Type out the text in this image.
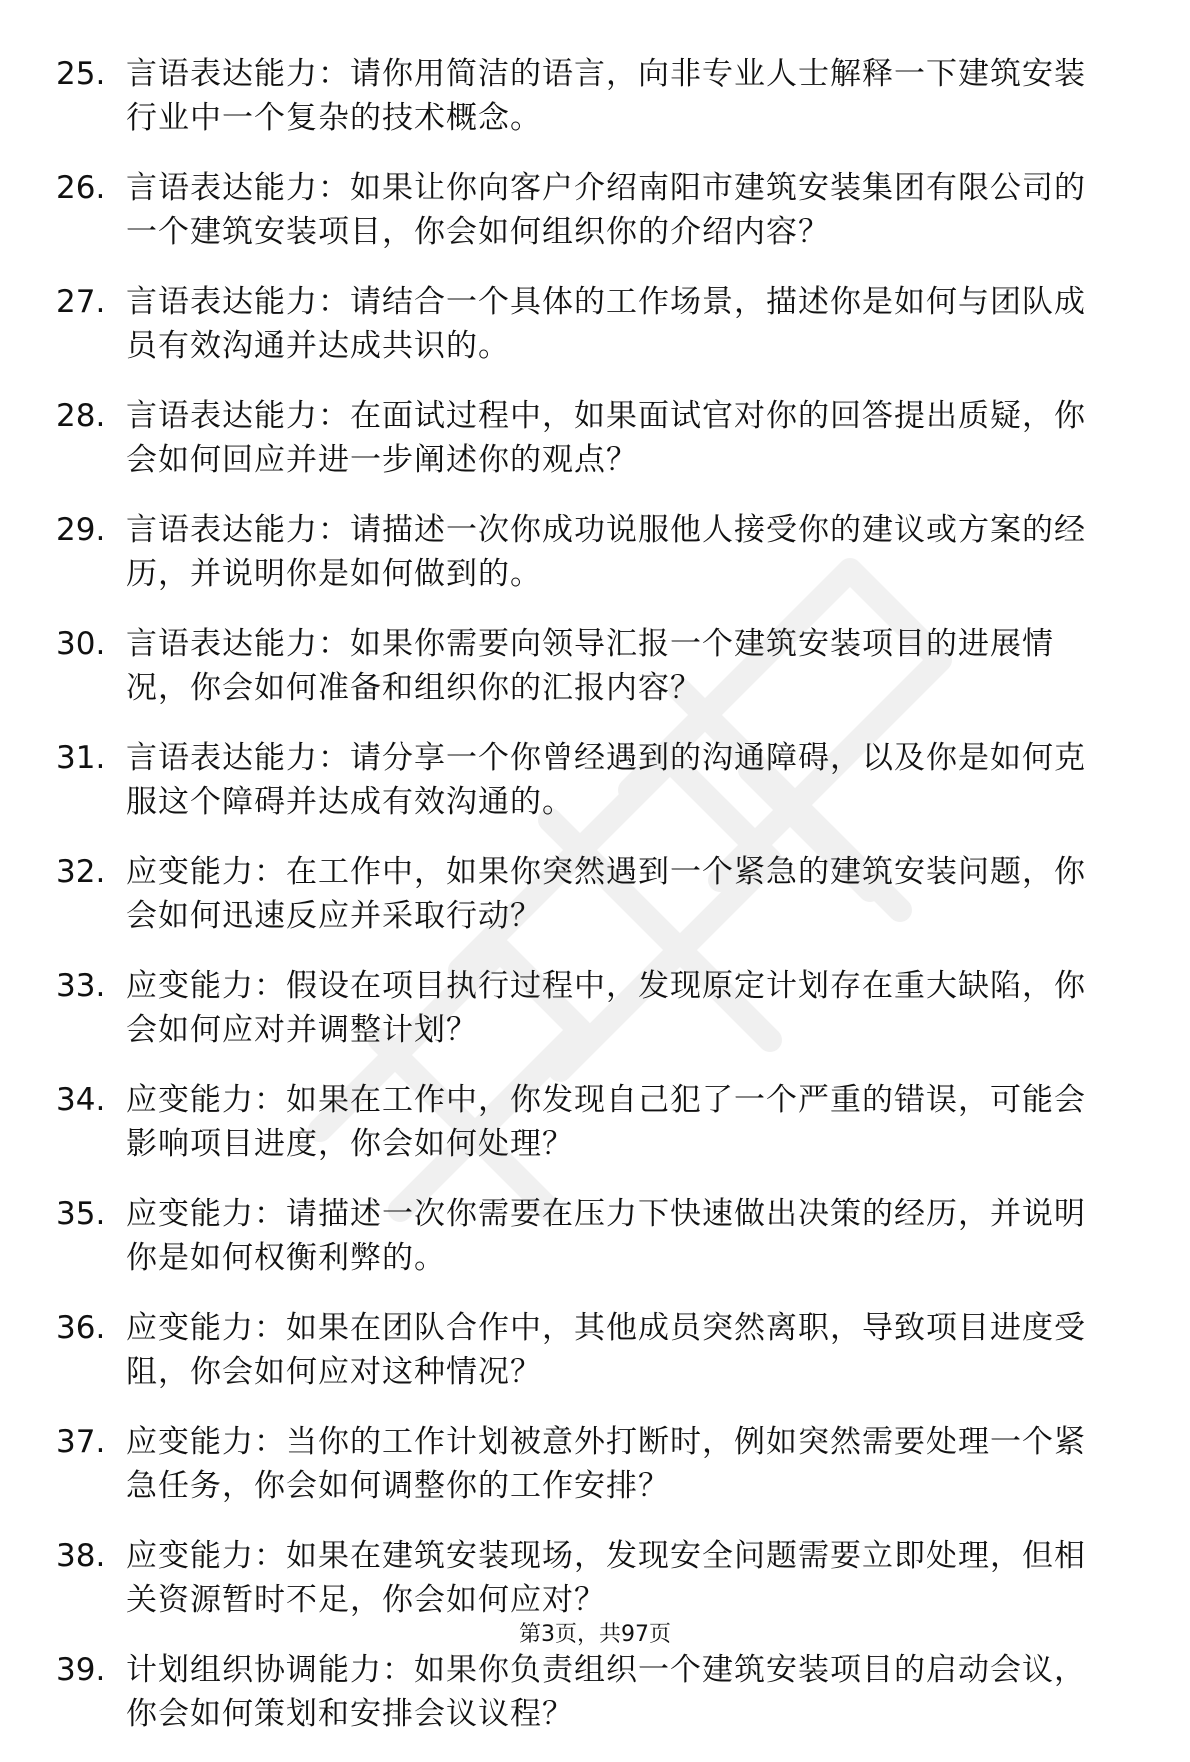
25. 言语表达能力：请你用简洁的语言，向非专业人士解释一下建筑安装行业中一个复杂的技术概念。
26. 言语表达能力：如果让你向客户介绍南阳市建筑安装集团有限公司的一个建筑安装项目，你会如何组织你的介绍内容？
27. 言语表达能力：请结合一个具体的工作场景，描述你是如何与团队成员有效沟通并达成共识的。
28. 言语表达能力：在面试过程中，如果面试官对你的回答提出质疑，你会如何回应并进一步阐述你的观点？
29. 言语表达能力：请描述一次你成功说服他人接受你的建议或方案的经历，并说明你是如何做到的。
30. 言语表达能力：如果你需要向领导汇报一个建筑安装项目的进展情况，你会如何准备和组织你的汇报内容？
31. 言语表达能力：请分享一个你曾经遇到的沟通障碍，以及你是如何克服这个障碍并达成有效沟通的。
32. 应变能力：在工作中，如果你突然遇到一个紧急的建筑安装问题，你会如何迅速反应并采取行动？
33. 应变能力：假设在项目执行过程中，发现原定计划存在重大缺陷，你会如何应对并调整计划？
34. 应变能力：如果在工作中，你发现自己犯了一个严重的错误，可能会影响项目进度，你会如何处理？
35. 应变能力：请描述一次你需要在压力下快速做出决策的经历，并说明你是如何权衡利弊的。
36. 应变能力：如果在团队合作中，其他成员突然离职，导致项目进度受阻，你会如何应对这种情况？
37. 应变能力：当你的工作计划被意外打断时，例如突然需要处理一个紧急任务，你会如何调整你的工作安排？
38. 应变能力：如果在建筑安装现场，发现安全问题需要立即处理，但相关资源暂时不足，你会如何应对？
39. 计划组织协调能力：如果你负责组织一个建筑安装项目的启动会议，你会如何策划和安排会议议程？
第3页，共97页
